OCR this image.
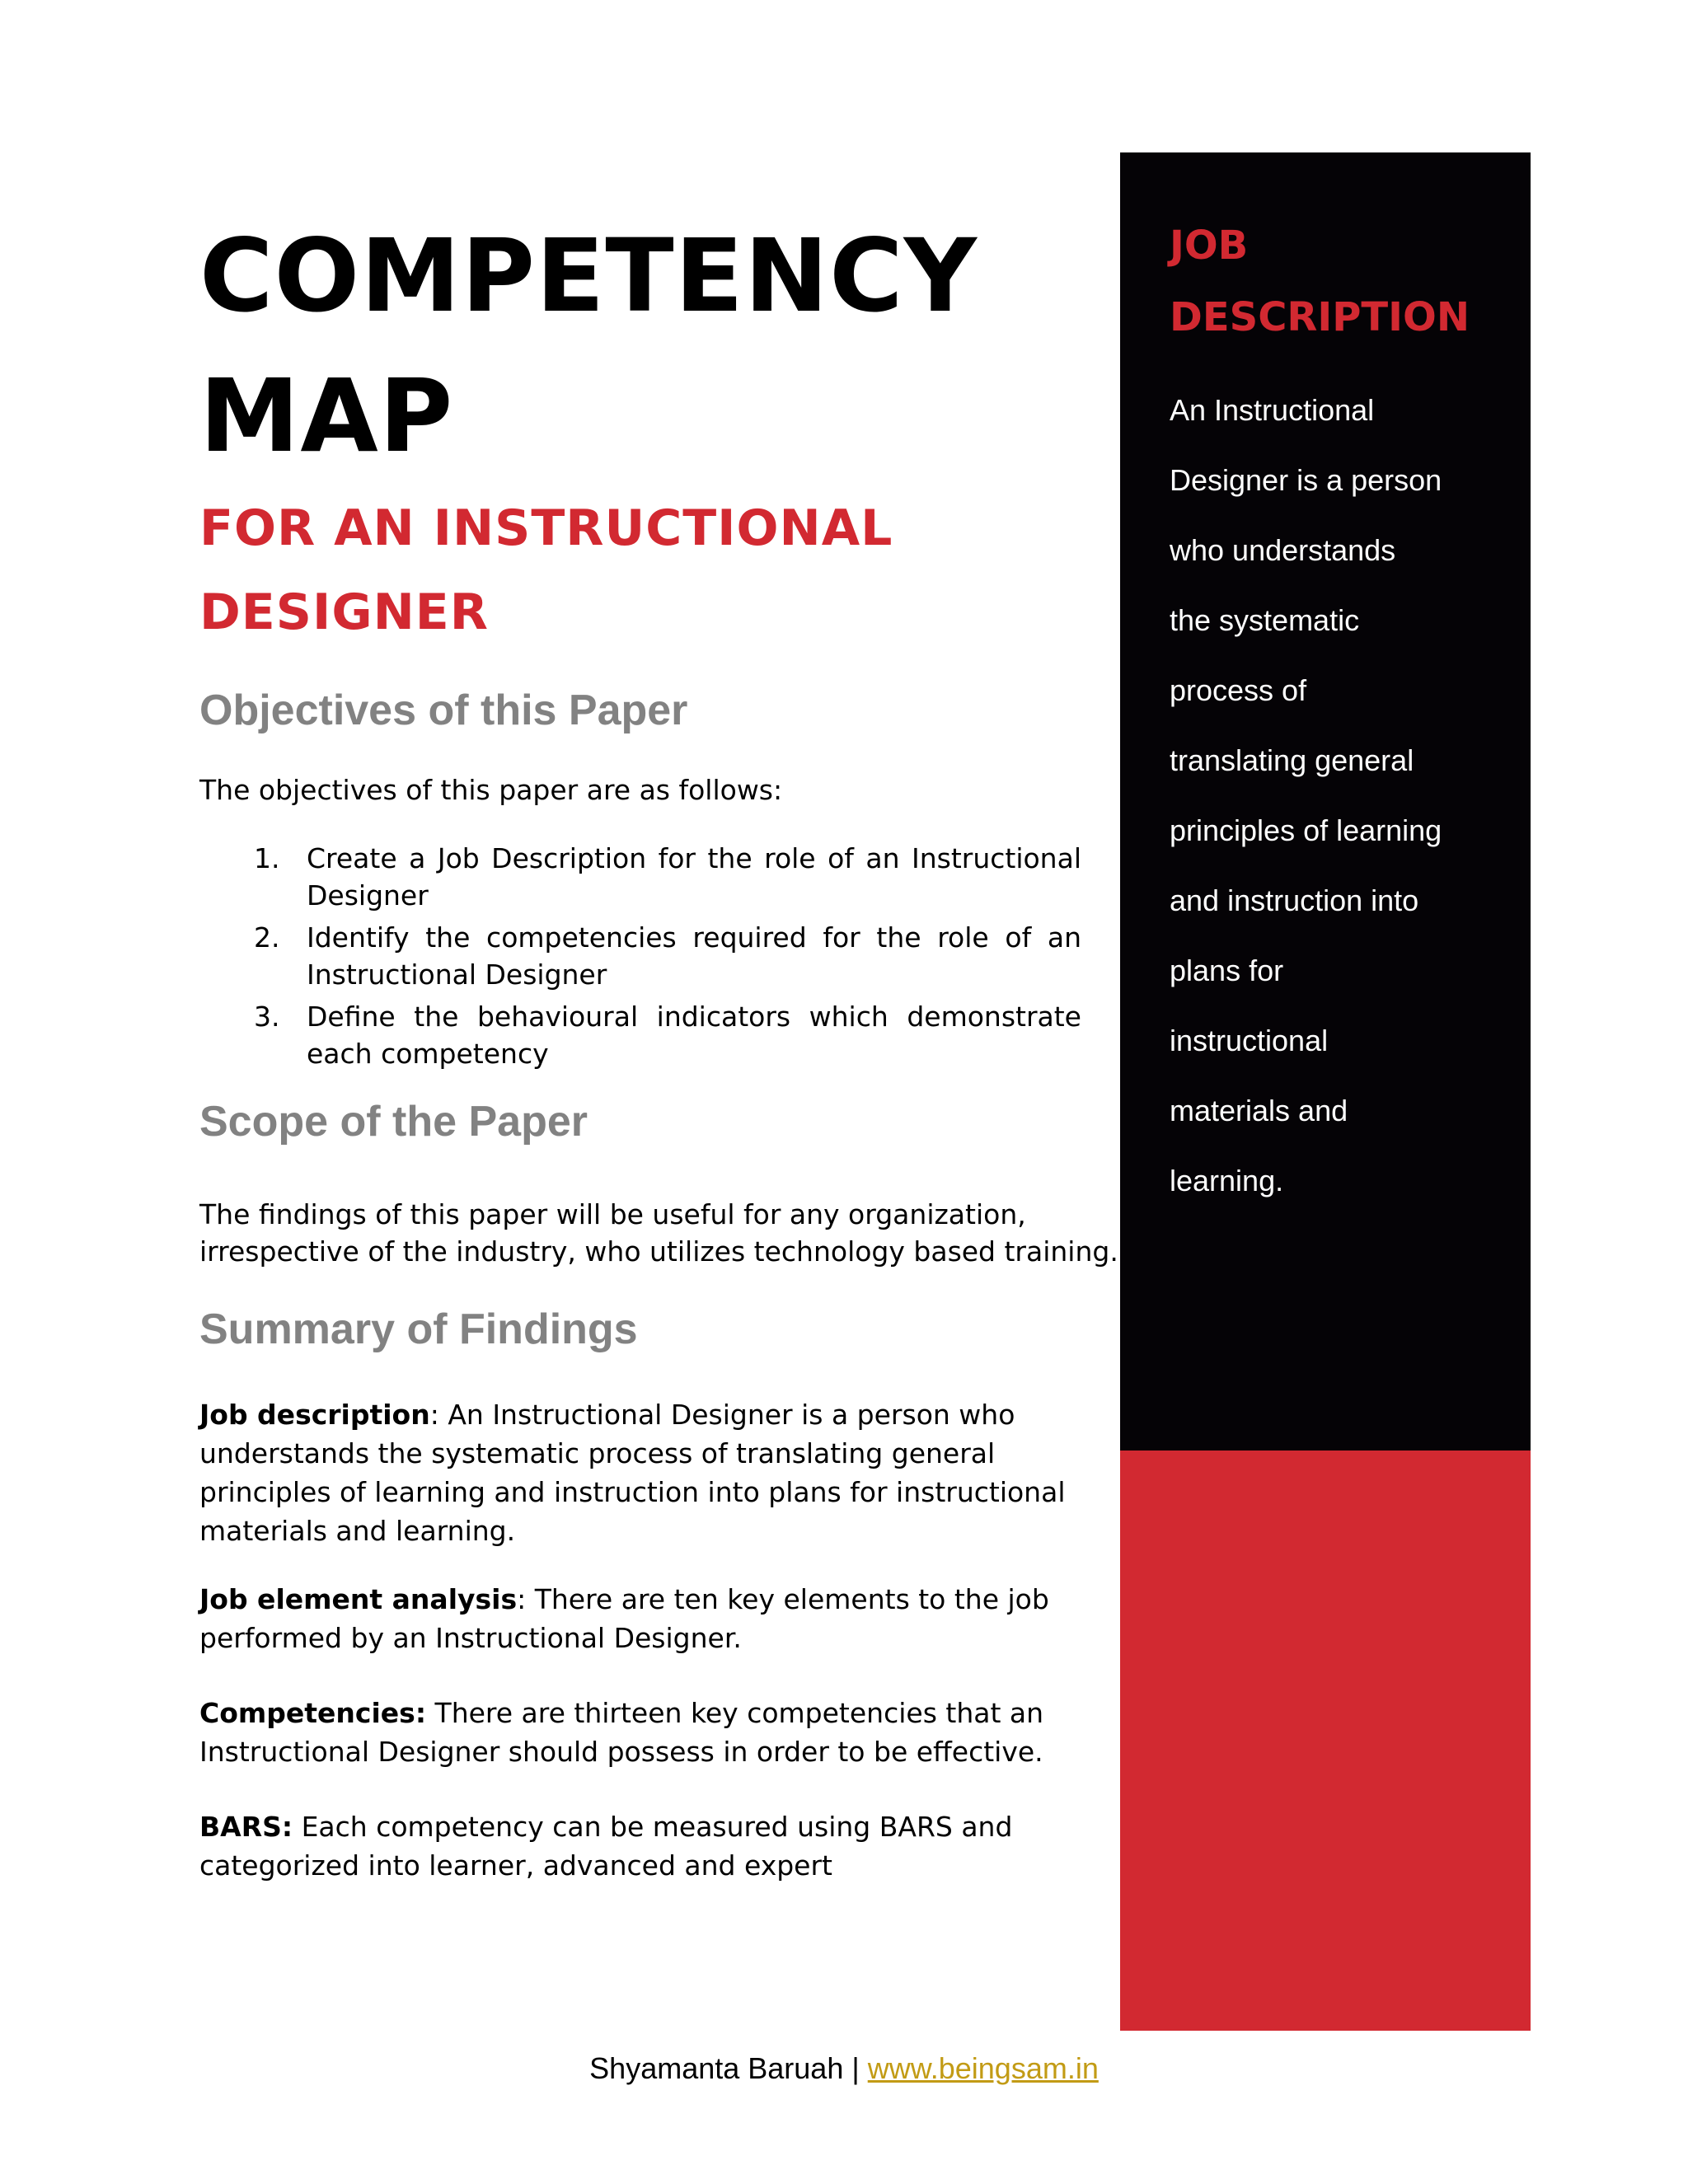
COMPETENCY
MAP
FOR AN INSTRUCTIONAL
DESIGNER
Objectives of this Paper

The objectives of this paper are as follows:

1. Create a Job Description for the role of an Instructional Designer
2. Identify the competencies required for the role of an Instructional Designer
3. Define the behavioural indicators which demonstrate each competency
Scope of the Paper

The findings of this paper will be useful for any organization,
irrespective of the industry, who utilizes technology based training.

Summary of Findings

Job description: An Instructional Designer is a person who understands the systematic process of translating general principles of learning and instruction into plans for instructional materials and learning.

Job element analysis: There are ten key elements to the job performed by an Instructional Designer.

Competencies: There are thirteen key competencies that an Instructional Designer should possess in order to be effective.

BARS: Each competency can be measured using BARS and categorized into learner, advanced and expert

JOB
DESCRIPTION

An Instructional
Designer is a person
who understands
the systematic
process of
translating general
principles of learning
and instruction into
plans for
instructional
materials and
learning.

Shyamanta Baruah | www.beingsam.in
